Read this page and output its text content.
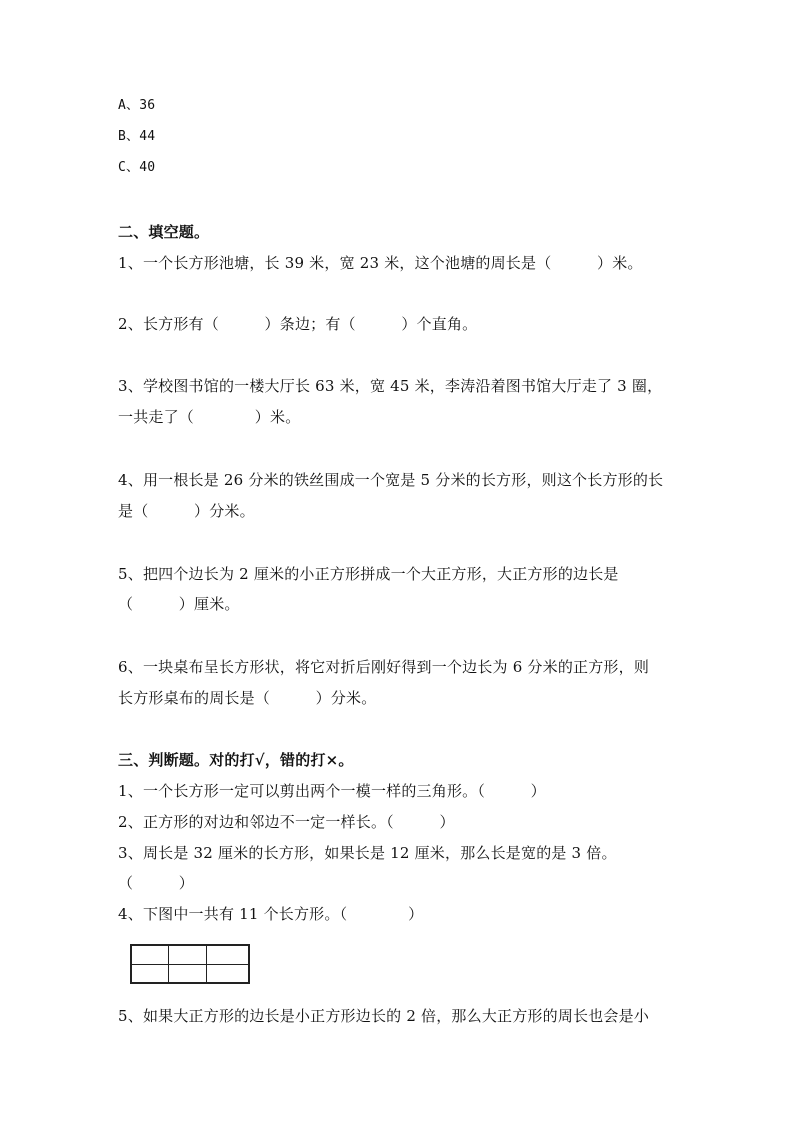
A、36
B、44
C、40
二、填空题。
1、一个长方形池塘，长 39 米，宽 23 米，这个池塘的周长是（　　　）米。
2、长方形有（　　　）条边；有（　　　）个直角。
3、学校图书馆的一楼大厅长 63 米，宽 45 米，李涛沿着图书馆大厅走了 3 圈，
一共走了（　　　　）米。
4、用一根长是 26 分米的铁丝围成一个宽是 5 分米的长方形，则这个长方形的长
是（　　　）分米。
5、把四个边长为 2 厘米的小正方形拼成一个大正方形，大正方形的边长是
（　　　）厘米。
6、一块桌布呈长方形状，将它对折后刚好得到一个边长为 6 分米的正方形，则
长方形桌布的周长是（　　　）分米。
三、判断题。对的打√，错的打×。
1、一个长方形一定可以剪出两个一模一样的三角形。（　　　）
2、正方形的对边和邻边不一定一样长。（　　　）
3、周长是 32 厘米的长方形，如果长是 12 厘米，那么长是宽的是 3 倍。
（　　　）
4、下图中一共有 11 个长方形。（　　　　）
5、如果大正方形的边长是小正方形边长的 2 倍，那么大正方形的周长也会是小
